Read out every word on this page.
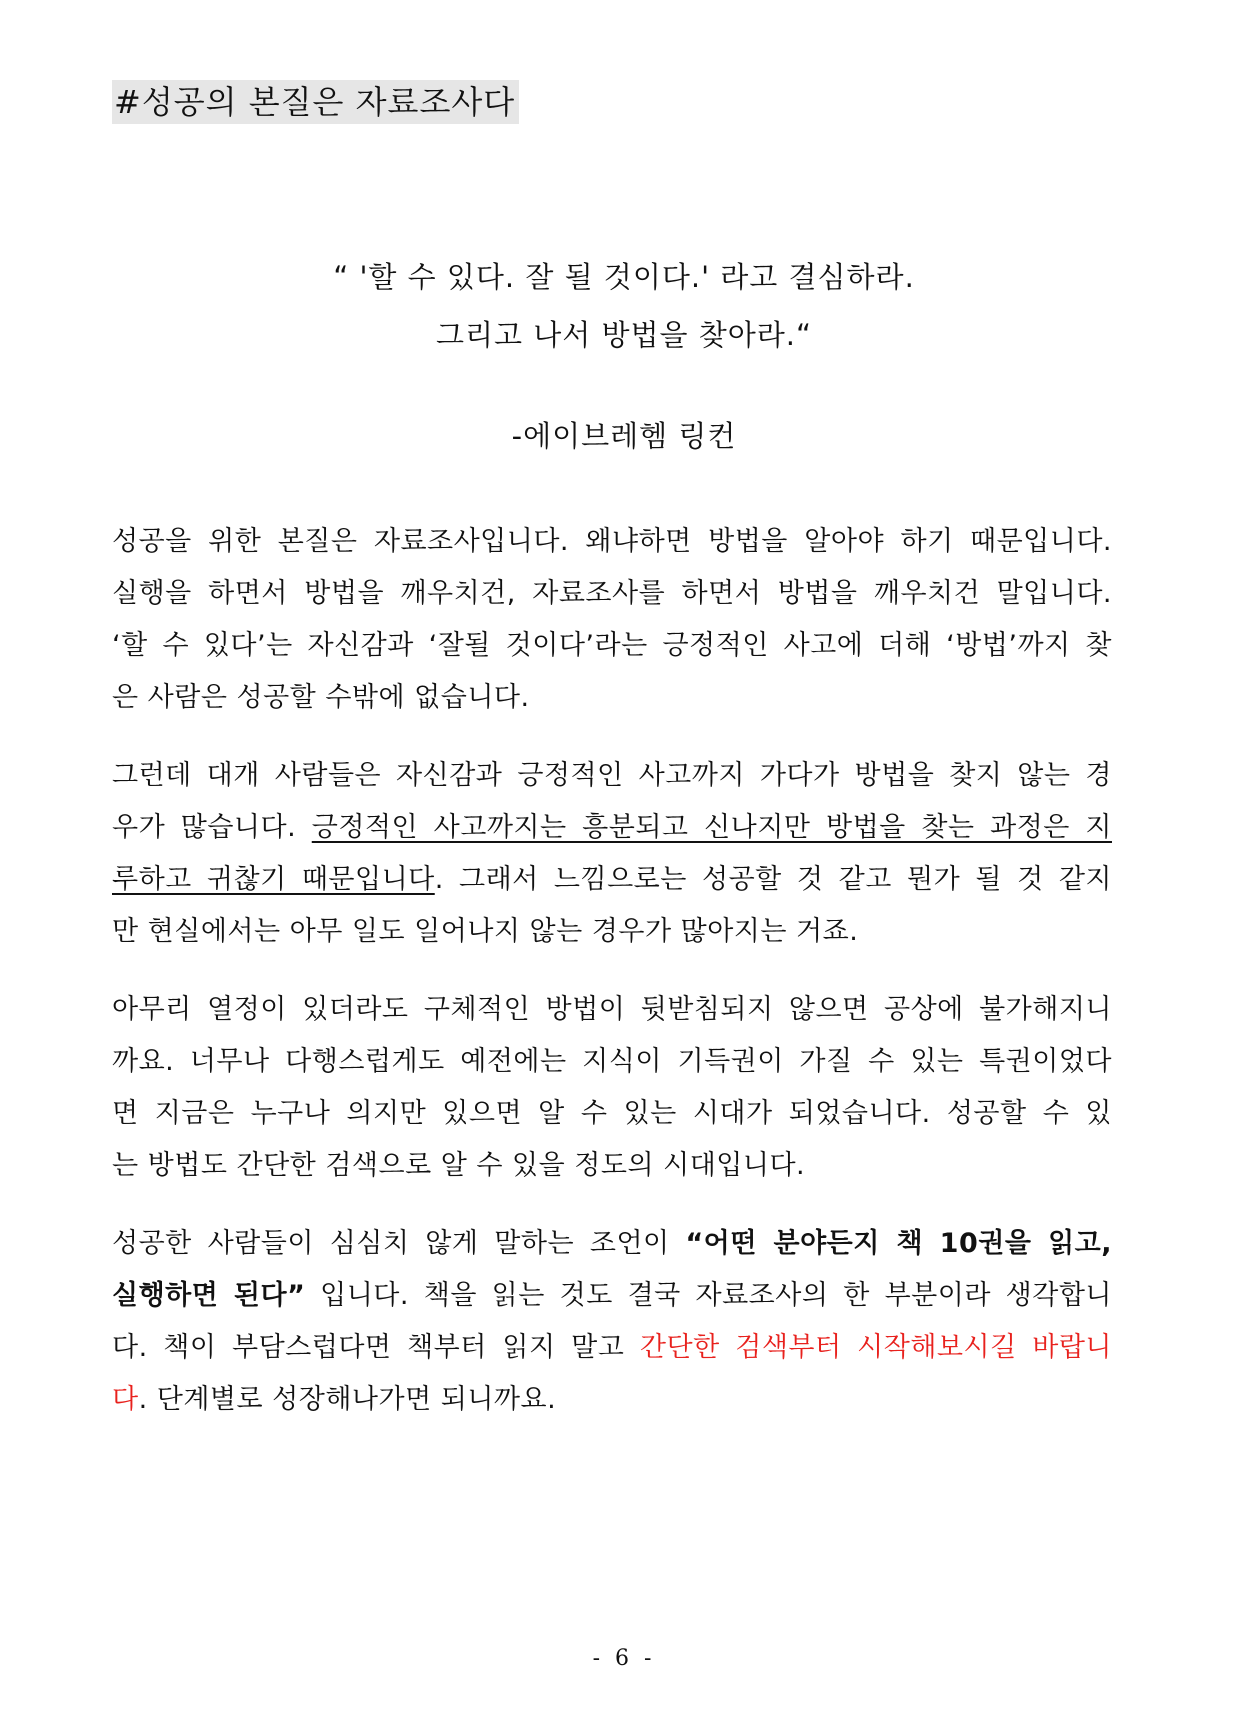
#성공의 본질은 자료조사다
“ '할 수 있다. 잘 될 것이다.' 라고 결심하라.
그리고 나서 방법을 찾아라.“
-에이브레헴 링컨
성공을 위한 본질은 자료조사입니다. 왜냐하면 방법을 알아야 하기 때문입니다.
실행을 하면서 방법을 깨우치건, 자료조사를 하면서 방법을 깨우치건 말입니다.
‘할 수 있다’는 자신감과 ‘잘될 것이다’라는 긍정적인 사고에 더해 ‘방법’까지 찾
은 사람은 성공할 수밖에 없습니다.
그런데 대개 사람들은 자신감과 긍정적인 사고까지 가다가 방법을 찾지 않는 경
우가 많습니다. 긍정적인 사고까지는 흥분되고 신나지만 방법을 찾는 과정은 지
루하고 귀찮기 때문입니다. 그래서 느낌으로는 성공할 것 같고 뭔가 될 것 같지
만 현실에서는 아무 일도 일어나지 않는 경우가 많아지는 거죠.
아무리 열정이 있더라도 구체적인 방법이 뒷받침되지 않으면 공상에 불가해지니
까요. 너무나 다행스럽게도 예전에는 지식이 기득권이 가질 수 있는 특권이었다
면 지금은 누구나 의지만 있으면 알 수 있는 시대가 되었습니다. 성공할 수 있
는 방법도 간단한 검색으로 알 수 있을 정도의 시대입니다.
성공한 사람들이 심심치 않게 말하는 조언이 “어떤 분야든지 책 10권을 읽고,
실행하면 된다” 입니다. 책을 읽는 것도 결국 자료조사의 한 부분이라 생각합니
다. 책이 부담스럽다면 책부터 읽지 말고 간단한 검색부터 시작해보시길 바랍니
다. 단계별로 성장해나가면 되니까요.
- 6 -
